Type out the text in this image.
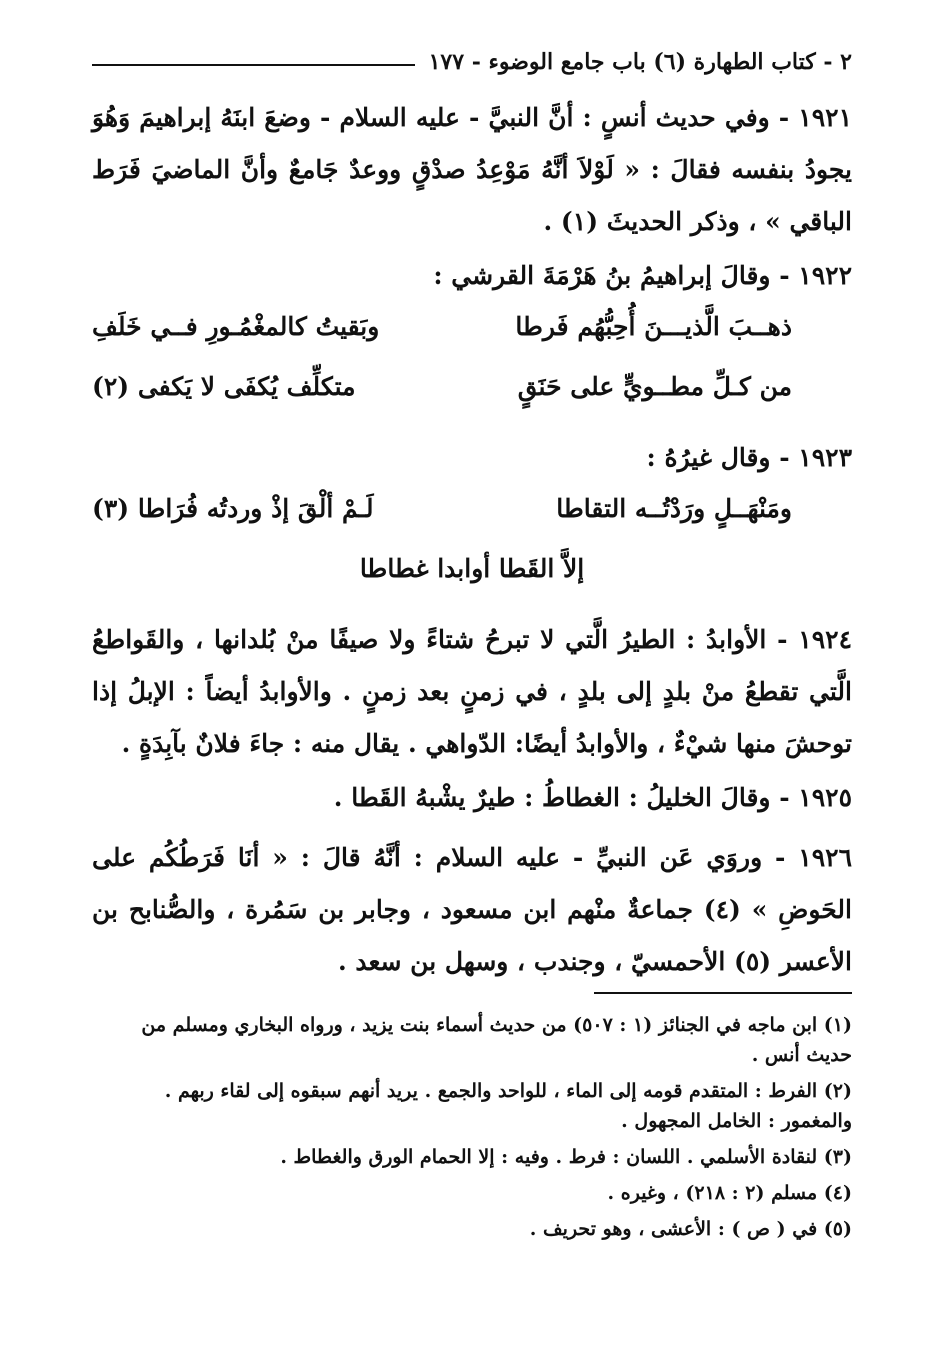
٢ - كتاب الطهارة (٦) باب جامع الوضوء - ١٧٧

١٩٢١ - وفي حديث أنسٍ : أنَّ النبيَّ - عليه السلام - وضعَ ابنَهُ إبراهيمَ وَهُوَ يجودُ بنفسه فقالَ : « لَوْلاَ أنَّهُ مَوْعِدُ صدْقٍ ووعدٌ جَامعٌ وأنَّ الماضيَ فَرَط الباقي » ، وذكر الحديثَ (١) .

١٩٢٢ - وقالَ إبراهيمُ بنُ هَرْمَةَ القرشي :

ذهــبَ الَّذيـــنَ أُحِبُّهُم فَرطا
وبَقيتُ كالمغْمُـورِ فــي خَلَفِ
من كـلِّ مطــويٍّ على حَنَقٍ
متكلِّف يُكفَى لا يَكفى (٢)

١٩٢٣ - وقال غيرُهُ :

ومَنْهَــلٍ ورَدْتُــه التقاطا
لَـمْ ألْقَ إذْ وردتُه فُرَاطا (٣)
إلاَّ القَطا أوابدا غطاطا

١٩٢٤ - الأوابدُ : الطيرُ الَّتي لا تبرحُ شتاءً ولا صيفًا منْ بُلدانها ، والقَواطعُ الَّتي تقطعُ منْ بلدٍ إلى بلدٍ ، في زمنٍ بعد زمنٍ . والأوابدُ أيضاً : الإبلُ إذا توحشَ منها شيْءٌ ، والأوابدُ أيضًا: الدّواهي . يقال منه : جاءَ فلانٌ بآبِدَةٍ .

١٩٢٥ - وقالَ الخليلُ : الغطاطُ : طيرٌ يشْبهُ القَطا .

١٩٢٦ - وروَي عَن النبيِّ - عليه السلام : أنَّهُ قالَ : « أنَا فَرَطُكُم على الحَوضِ » (٤) جماعةٌ منْهم ابن مسعود ، وجابر بن سَمُرة ، والصُّنابح بن الأعسر (٥) الأحمسيّ ، وجندب ، وسهل بن سعد .

(١) ابن ماجه في الجنائز (١ : ٥٠٧) من حديث أسماء بنت يزيد ، ورواه البخاري ومسلم من حديث أنس .

(٢) الفرط : المتقدم قومه إلى الماء ، للواحد والجمع . يريد أنهم سبقوه إلى لقاء ربهم . والمغمور : الخامل المجهول .

(٣) لنقادة الأسلمي . اللسان : فرط . وفيه : إلا الحمام الورق والغطاط .

(٤) مسلم (٢ : ٢١٨) ، وغيره .

(٥) في ( ص ) : الأعشى ، وهو تحريف .
